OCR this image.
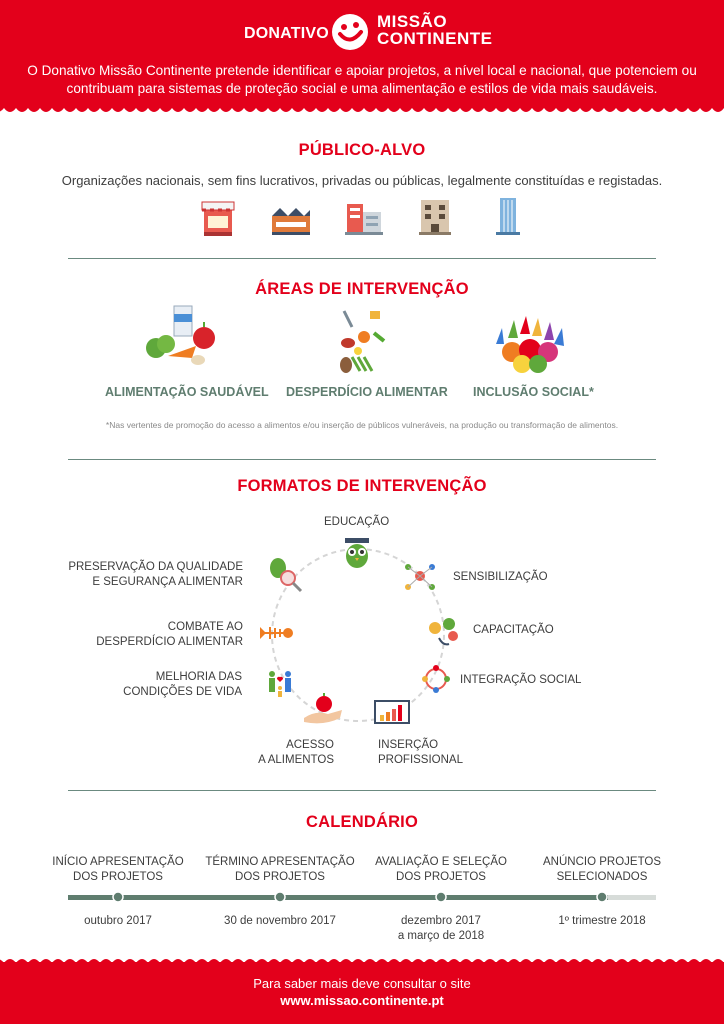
DONATIVO
MISSÃO
CONTINENTE

O Donativo Missão Continente pretende identificar e apoiar projetos, a nível local e nacional, que potenciem ou contribuam para sistemas de proteção social e uma alimentação e estilos de vida mais saudáveis.

PÚBLICO-ALVO
Organizações nacionais, sem fins lucrativos, privadas ou públicas, legalmente constituídas e registadas.
ÁREAS DE INTERVENÇÃO
ALIMENTAÇÃO SAUDÁVEL DESPERDÍCIO ALIMENTAR INCLUSÃO SOCIAL*
*Nas vertentes de promoção do acesso a alimentos e/ou inserção de públicos vulneráveis, na produção ou transformação de alimentos.
FORMATOS DE INTERVENÇÃO
EDUCAÇÃO
SENSIBILIZAÇÃO
CAPACITAÇÃO
INTEGRAÇÃO SOCIAL
INSERÇÃO
PROFISSIONAL
ACESSO
A ALIMENTOS
MELHORIA DAS
CONDIÇÕES DE VIDA
COMBATE AO
DESPERDÍCIO ALIMENTAR
PRESERVAÇÃO DA QUALIDADE
E SEGURANÇA ALIMENTAR
CALENDÁRIO
INÍCIO APRESENTAÇÃO
DOS PROJETOS
TÉRMINO APRESENTAÇÃO
DOS PROJETOS
AVALIAÇÃO E SELEÇÃO
DOS PROJETOS
ANÚNCIO PROJETOS
SELECIONADOS
outubro 2017	30 de novembro 2017	dezembro 2017
a março de 2018
1º trimestre 2018
Para saber mais deve consultar o site
www.missao.continente.pt
